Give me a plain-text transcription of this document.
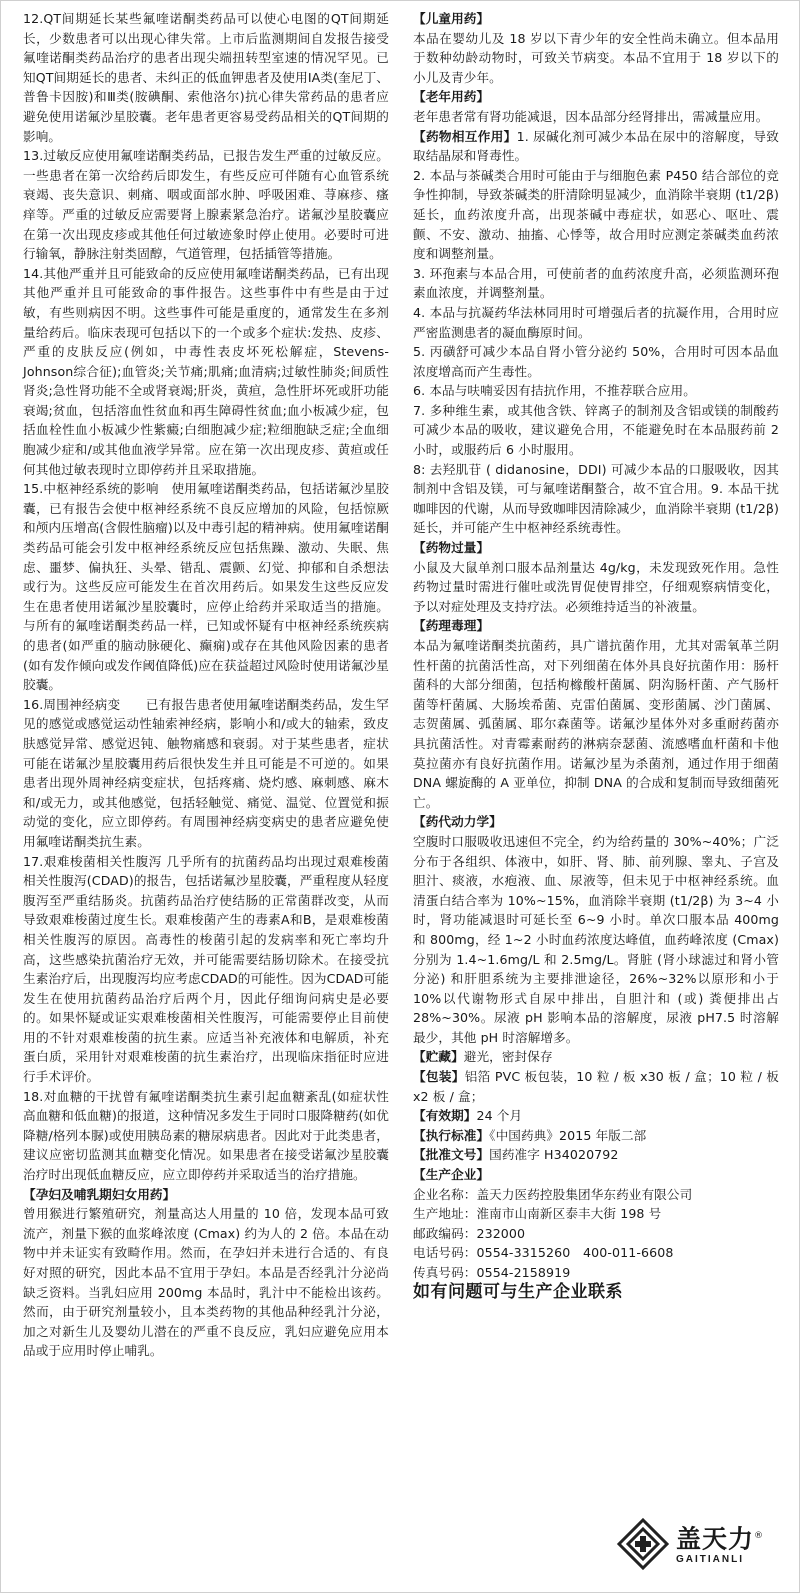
12.QT间期延长某些氟喹诺酮类药品可以使心电图的QT间期延长，少数患者可以出现心律失常。上市后监测期间自发报告接受氟喹诺酮类药品治疗的患者出现尖端扭转型室速的情况罕见。已知QT间期延长的患者、未纠正的低血钾患者及使用IA类(奎尼丁、普鲁卡因胺)和Ⅲ类(胺碘酮、索他洛尔)抗心律失常药品的患者应避免使用诺氟沙星胶囊。老年患者更容易受药品相关的QT间期的影响。

13.过敏反应使用氟喹诺酮类药品，已报告发生严重的过敏反应。一些患者在第一次给药后即发生，有些反应可伴随有心血管系统衰竭、丧失意识、刺痛、咽或面部水肿、呼吸困难、荨麻疹、瘙痒等。严重的过敏反应需要肾上腺素紧急治疗。诺氟沙星胶囊应在第一次出现皮疹或其他任何过敏迹象时停止使用。必要时可进行输氧，静脉注射类固醇，气道管理，包括插管等措施。

14.其他严重并且可能致命的反应使用氟喹诺酮类药品，已有出现其他严重并且可能致命的事件报告。这些事件中有些是由于过敏，有些则病因不明。这些事件可能是重度的，通常发生在多剂量给药后。临床表现可包括以下的一个或多个症状:发热、皮疹、严重的皮肤反应(例如，中毒性表皮坏死松解症，Stevens-Johnson综合征);血管炎;关节痛;肌痛;血清病;过敏性肺炎;间质性肾炎;急性肾功能不全或肾衰竭;肝炎，黄疸，急性肝坏死或肝功能衰竭;贫血，包括溶血性贫血和再生障碍性贫血;血小板减少症，包括血栓性血小板减少性紫癜;白细胞减少症;粒细胞缺乏症;全血细胞减少症和/或其他血液学异常。应在第一次出现皮疹、黄疸或任何其他过敏表现时立即停药并且采取措施。

15.中枢神经系统的影响　使用氟喹诺酮类药品，包括诺氟沙星胶囊，已有报告会使中枢神经系统不良反应增加的风险，包括惊厥和颅内压增高(含假性脑瘤)以及中毒引起的精神病。使用氟喹诺酮类药品可能会引发中枢神经系统反应包括焦躁、激动、失眠、焦虑、噩梦、偏执狂、头晕、错乱、震颤、幻觉、抑郁和自杀想法或行为。这些反应可能发生在首次用药后。如果发生这些反应发生在患者使用诺氟沙星胶囊时，应停止给药并采取适当的措施。与所有的氟喹诺酮类药品一样，已知或怀疑有中枢神经系统疾病的患者(如严重的脑动脉硬化、癫痫)或存在其他风险因素的患者(如有发作倾向或发作阈值降低)应在获益超过风险时使用诺氟沙星胶囊。

16.周围神经病变　　已有报告患者使用氟喹诺酮类药品，发生罕见的感觉或感觉运动性轴索神经病，影响小和/或大的轴索，致皮肤感觉异常、感觉迟钝、触物痛感和衰弱。对于某些患者，症状可能在诺氟沙星胶囊用药后很快发生并且可能是不可逆的。如果患者出现外周神经病变症状，包括疼痛、烧灼感、麻刺感、麻木和/或无力，或其他感觉，包括轻触觉、痛觉、温觉、位置觉和振动觉的变化，应立即停药。有周围神经病变病史的患者应避免使用氟喹诺酮类抗生素。

17.艰难梭菌相关性腹泻 几乎所有的抗菌药品均出现过艰难梭菌相关性腹泻(CDAD)的报告，包括诺氟沙星胶囊，严重程度从轻度腹泻至严重结肠炎。抗菌药品治疗使结肠的正常菌群改变，从而导致艰难梭菌过度生长。艰难梭菌产生的毒素A和B，是艰难梭菌相关性腹泻的原因。高毒性的梭菌引起的发病率和死亡率均升高，这些感染抗菌治疗无效，并可能需要结肠切除术。在接受抗生素治疗后，出现腹泻均应考虑CDAD的可能性。因为CDAD可能发生在使用抗菌药品治疗后两个月，因此仔细询问病史是必要的。如果怀疑或证实艰难梭菌相关性腹泻，可能需要停止目前使用的不针对艰难梭菌的抗生素。应适当补充液体和电解质，补充蛋白质，采用针对艰难梭菌的抗生素治疗，出现临床指征时应进行手术评价。

18.对血糖的干扰曾有氟喹诺酮类抗生素引起血糖紊乱(如症状性高血糖和低血糖)的报道，这种情况多发生于同时口服降糖药(如优降糖/格列本脲)或使用胰岛素的糖尿病患者。因此对于此类患者，建议应密切监测其血糖变化情况。如果患者在接受诺氟沙星胶囊治疗时出现低血糖反应，应立即停药并采取适当的治疗措施。

【孕妇及哺乳期妇女用药】

曾用猴进行繁殖研究，剂量高达人用量的 10 倍，发现本品可致流产，剂量下猴的血浆峰浓度 (Cmax) 约为人的 2 倍。本品在动物中并未证实有致畸作用。然而，在孕妇并未进行合适的、有良好对照的研究，因此本品不宜用于孕妇。本品是否经乳汁分泌尚缺乏资料。当乳妇应用 200mg 本品时，乳汁中不能检出该药。然而，由于研究剂量较小，且本类药物的其他品种经乳汁分泌，加之对新生儿及婴幼儿潜在的严重不良反应，乳妇应避免应用本品或于应用时停止哺乳。

【儿童用药】

本品在婴幼儿及 18 岁以下青少年的安全性尚未确立。但本品用于数种幼龄动物时，可致关节病变。本品不宜用于 18 岁以下的小儿及青少年。

【老年用药】

老年患者常有肾功能减退，因本品部分经肾排出，需减量应用。

【药物相互作用】1. 尿碱化剂可减少本品在尿中的溶解度，导致取结晶尿和肾毒性。

2. 本品与茶碱类合用时可能由于与细胞色素 P450 结合部位的竞争性抑制，导致茶碱类的肝清除明显减少，血消除半衰期 (t1/2β) 延长，血药浓度升高，出现茶碱中毒症状，如恶心、呕吐、震颤、不安、激动、抽搐、心悸等，故合用时应测定茶碱类血药浓度和调整剂量。

3. 环孢素与本品合用，可使前者的血药浓度升高，必须监测环孢素血浓度，并调整剂量。

4. 本品与抗凝药华法林同用时可增强后者的抗凝作用，合用时应严密监测患者的凝血酶原时间。

5. 丙磺舒可减少本品自肾小管分泌约 50%，合用时可因本品血浓度增高而产生毒性。

6. 本品与呋喃妥因有拮抗作用，不推荐联合应用。

7. 多种维生素，或其他含铁、锌离子的制剂及含铝或镁的制酸药可减少本品的吸收，建议避免合用，不能避免时在本品服药前 2 小时，或服药后 6 小时服用。

8: 去羟肌苷 ( didanosine，DDI) 可减少本品的口服吸收，因其制剂中含铝及镁，可与氟喹诺酮螯合，故不宜合用。9. 本品干扰咖啡因的代谢，从而导致咖啡因清除减少，血消除半衰期 (t1/2β) 延长，并可能产生中枢神经系统毒性。

【药物过量】

小鼠及大鼠单剂口服本品剂量达 4g/kg，未发现致死作用。急性药物过量时需进行催吐或洗胃促使胃排空，仔细观察病情变化，予以对症处理及支持疗法。必须维持适当的补液量。

【药理毒理】

本品为氟喹诺酮类抗菌药，具广谱抗菌作用，尤其对需氧革兰阴性杆菌的抗菌活性高，对下列细菌在体外具良好抗菌作用：肠杆菌科的大部分细菌，包括枸橼酸杆菌属、阴沟肠杆菌、产气肠杆菌等杆菌属、大肠埃希菌、克雷伯菌属、变形菌属、沙门菌属、志贺菌属、弧菌属、耶尔森菌等。诺氟沙星体外对多重耐药菌亦具抗菌活性。对青霉素耐药的淋病奈瑟菌、流感嗜血杆菌和卡他莫拉菌亦有良好抗菌作用。诺氟沙星为杀菌剂，通过作用于细菌 DNA 螺旋酶的 A 亚单位，抑制 DNA 的合成和复制而导致细菌死亡。

【药代动力学】

空腹时口服吸收迅速但不完全，约为给药量的 30%~40%；广泛分布于各组织、体液中，如肝、肾、肺、前列腺、睾丸、子宫及胆汁、痰液，水疱液、血、尿液等，但未见于中枢神经系统。血清蛋白结合率为 10%~15%，血消除半衰期 (t1/2β) 为 3~4 小时，肾功能减退时可延长至 6~9 小时。单次口服本品 400mg 和 800mg，经 1~2 小时血药浓度达峰值，血药峰浓度 (Cmax) 分别为 1.4~1.6mg/L 和 2.5mg/L。肾脏 (肾小球滤过和肾小管分泌) 和肝胆系统为主要排泄途径，26%~32%以原形和小于 10%以代谢物形式自尿中排出，自胆汁和 (或) 粪便排出占 28%~30%。尿液 pH 影响本品的溶解度，尿液 pH7.5 时溶解最少，其他 pH 时溶解增多。

【贮藏】避光，密封保存

【包装】铝箔 PVC 板包装，10 粒 / 板 x30 板 / 盒；10 粒 / 板 x2 板 / 盒；

【有效期】24 个月

【执行标准】《中国药典》2015 年版二部

【批准文号】国药准字 H34020792

【生产企业】

企业名称：盖天力医药控股集团华东药业有限公司

生产地址：淮南市山南新区泰丰大街 198 号

邮政编码：232000

电话号码：0554-3315260　400-011-6608

传真号码：0554-2158919

如有问题可与生产企业联系

盖天力®
GAITIANLI
